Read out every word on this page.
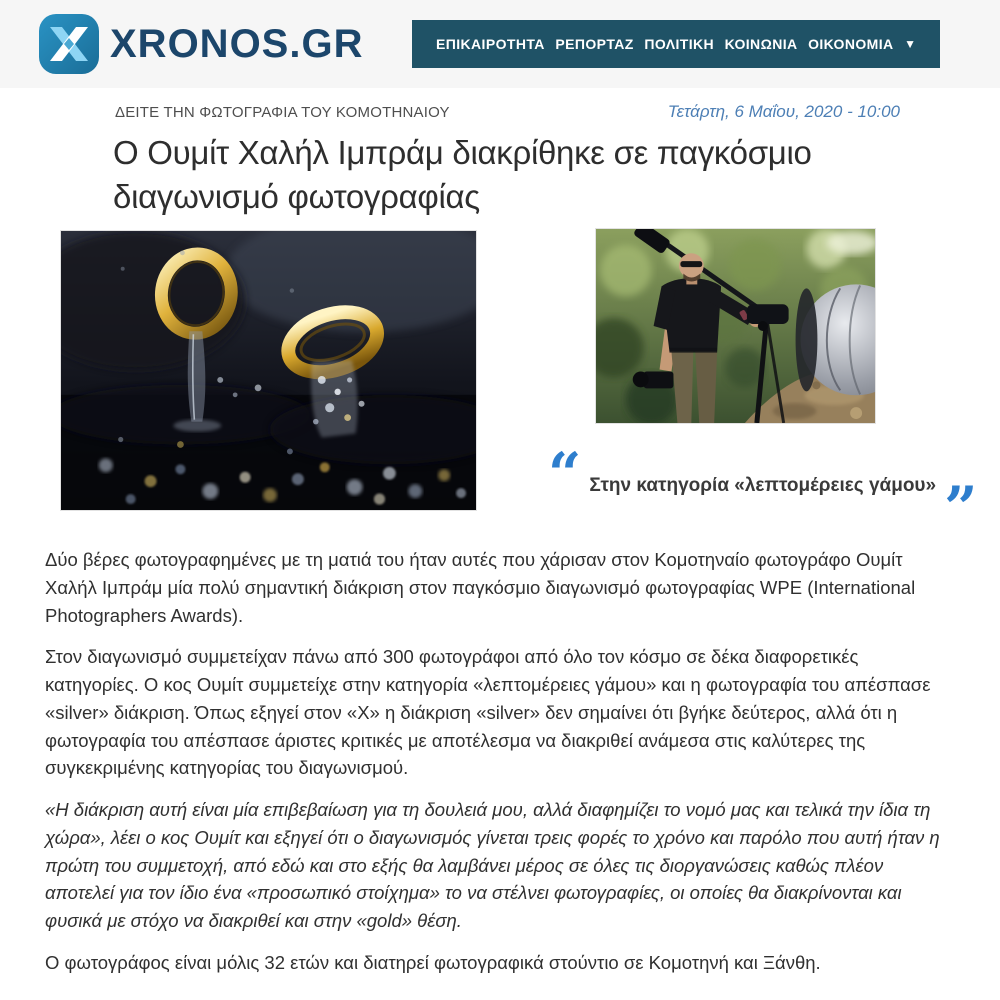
XRONOS.GR	ΕΠΙΚΑΙΡΟΤΗΤΑ ΡΕΠΟΡΤΑΖ ΠΟΛΙΤΙΚΗ ΚΟΙΝΩΝΙΑ ΟΙΚΟΝΟΜΙΑ ▼
ΔΕΙΤΕ ΤΗΝ ΦΩΤΟΓΡΑΦΙΑ ΤΟΥ ΚΟΜΟΤΗΝΑΙΟΥ	Τετάρτη, 6 Μαΐου, 2020 - 10:00
Ο Ουμίτ Χαλήλ Ιμπράμ διακρίθηκε σε παγκόσμιο διαγωνισμό φωτογραφίας
“ Στην κατηγορία «λεπτομέρειες γάμου» ”

Δύο βέρες φωτογραφημένες με τη ματιά του ήταν αυτές που χάρισαν στον Κομοτηναίο φωτογράφο Ουμίτ Χαλήλ Ιμπράμ μία πολύ σημαντική διάκριση στον παγκόσμιο διαγωνισμό φωτογραφίας WPE (International Photographers Awards).

Στον διαγωνισμό συμμετείχαν πάνω από 300 φωτογράφοι από όλο τον κόσμο σε δέκα διαφορετικές κατηγορίες. Ο κος Ουμίτ συμμετείχε στην κατηγορία «λεπτομέρειες γάμου» και η φωτογραφία του απέσπασε «silver» διάκριση. Όπως εξηγεί στον «Χ» η διάκριση «silver» δεν σημαίνει ότι βγήκε δεύτερος, αλλά ότι η φωτογραφία του απέσπασε άριστες κριτικές με αποτέλεσμα να διακριθεί ανάμεσα στις καλύτερες της συγκεκριμένης κατηγορίας του διαγωνισμού.

«Η διάκριση αυτή είναι μία επιβεβαίωση για τη δουλειά μου, αλλά διαφημίζει το νομό μας και τελικά την ίδια τη χώρα», λέει ο κος Ουμίτ και εξηγεί ότι ο διαγωνισμός γίνεται τρεις φορές το χρόνο και παρόλο που αυτή ήταν η πρώτη του συμμετοχή, από εδώ και στο εξής θα λαμβάνει μέρος σε όλες τις διοργανώσεις καθώς πλέον αποτελεί για τον ίδιο ένα «προσωπικό στοίχημα» το να στέλνει φωτογραφίες, οι οποίες θα διακρίνονται και φυσικά με στόχο να διακριθεί και στην «gold» θέση.

Ο φωτογράφος είναι μόλις 32 ετών και διατηρεί φωτογραφικά στούντιο σε Κομοτηνή και Ξάνθη.
